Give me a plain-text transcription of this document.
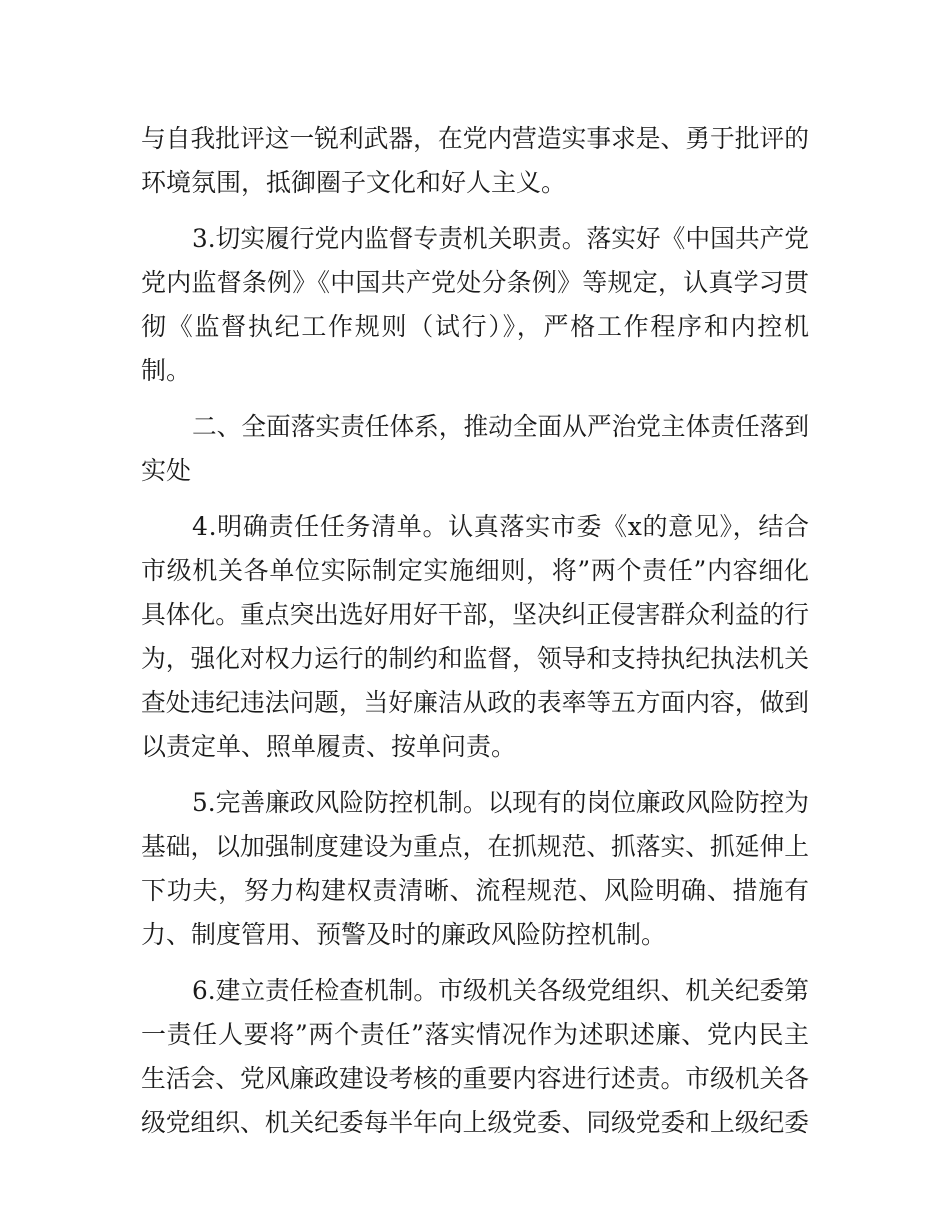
与自我批评这一锐利武器，在党内营造实事求是、勇于批评的
环境氛围，抵御圈子文化和好人主义。
3.切实履行党内监督专责机关职责。落实好《中国共产党
党内监督条例》《中国共产党处分条例》等规定，认真学习贯
彻《监督执纪工作规则（试行）》，严格工作程序和内控机
制。
二、全面落实责任体系，推动全面从严治党主体责任落到
实处
4.明确责任任务清单。认真落实市委《x的意见》，结合
市级机关各单位实际制定实施细则，将”两个责任”内容细化
具体化。重点突出选好用好干部，坚决纠正侵害群众利益的行
为，强化对权力运行的制约和监督，领导和支持执纪执法机关
查处违纪违法问题，当好廉洁从政的表率等五方面内容，做到
以责定单、照单履责、按单问责。
5.完善廉政风险防控机制。以现有的岗位廉政风险防控为
基础，以加强制度建设为重点，在抓规范、抓落实、抓延伸上
下功夫，努力构建权责清晰、流程规范、风险明确、措施有
力、制度管用、预警及时的廉政风险防控机制。
6.建立责任检查机制。市级机关各级党组织、机关纪委第
一责任人要将”两个责任”落实情况作为述职述廉、党内民主
生活会、党风廉政建设考核的重要内容进行述责。市级机关各
级党组织、机关纪委每半年向上级党委、同级党委和上级纪委
